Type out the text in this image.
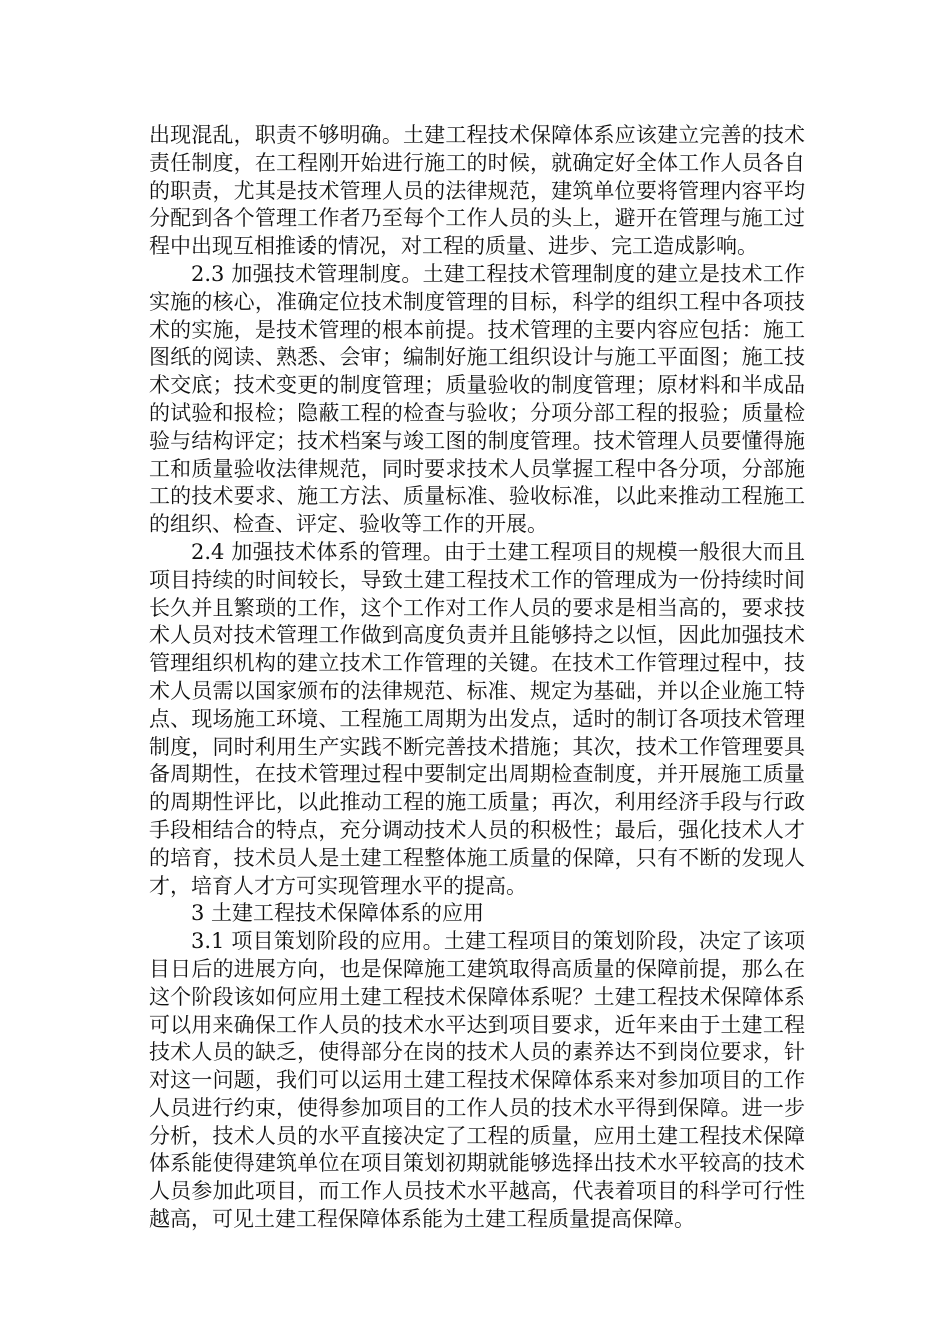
出现混乱，职责不够明确。土建工程技术保障体系应该建立完善的技术责任制度，在工程刚开始进行施工的时候，就确定好全体工作人员各自的职责，尤其是技术管理人员的法律规范，建筑单位要将管理内容平均分配到各个管理工作者乃至每个工作人员的头上，避开在管理与施工过程中出现互相推诿的情况，对工程的质量、进步、完工造成影响。

2.3 加强技术管理制度。土建工程技术管理制度的建立是技术工作实施的核心，准确定位技术制度管理的目标，科学的组织工程中各项技术的实施，是技术管理的根本前提。技术管理的主要内容应包括：施工图纸的阅读、熟悉、会审；编制好施工组织设计与施工平面图；施工技术交底；技术变更的制度管理；质量验收的制度管理；原材料和半成品的试验和报检；隐蔽工程的检查与验收；分项分部工程的报验；质量检验与结构评定；技术档案与竣工图的制度管理。技术管理人员要懂得施工和质量验收法律规范，同时要求技术人员掌握工程中各分项，分部施工的技术要求、施工方法、质量标准、验收标准，以此来推动工程施工的组织、检查、评定、验收等工作的开展。

2.4 加强技术体系的管理。由于土建工程项目的规模一般很大而且项目持续的时间较长，导致土建工程技术工作的管理成为一份持续时间长久并且繁琐的工作，这个工作对工作人员的要求是相当高的，要求技术人员对技术管理工作做到高度负责并且能够持之以恒，因此加强技术管理组织机构的建立技术工作管理的关键。在技术工作管理过程中，技术人员需以国家颁布的法律规范、标准、规定为基础，并以企业施工特点、现场施工环境、工程施工周期为出发点，适时的制订各项技术管理制度，同时利用生产实践不断完善技术措施；其次，技术工作管理要具备周期性，在技术管理过程中要制定出周期检查制度，并开展施工质量的周期性评比，以此推动工程的施工质量；再次，利用经济手段与行政手段相结合的特点，充分调动技术人员的积极性；最后，强化技术人才的培育，技术员人是土建工程整体施工质量的保障，只有不断的发现人才，培育人才方可实现管理水平的提高。

3 土建工程技术保障体系的应用

3.1 项目策划阶段的应用。土建工程项目的策划阶段，决定了该项目日后的进展方向，也是保障施工建筑取得高质量的保障前提，那么在这个阶段该如何应用土建工程技术保障体系呢？土建工程技术保障体系可以用来确保工作人员的技术水平达到项目要求，近年来由于土建工程技术人员的缺乏，使得部分在岗的技术人员的素养达不到岗位要求，针对这一问题，我们可以运用土建工程技术保障体系来对参加项目的工作人员进行约束，使得参加项目的工作人员的技术水平得到保障。进一步分析，技术人员的水平直接决定了工程的质量，应用土建工程技术保障体系能使得建筑单位在项目策划初期就能够选择出技术水平较高的技术人员参加此项目，而工作人员技术水平越高，代表着项目的科学可行性越高，可见土建工程保障体系能为土建工程质量提高保障。
